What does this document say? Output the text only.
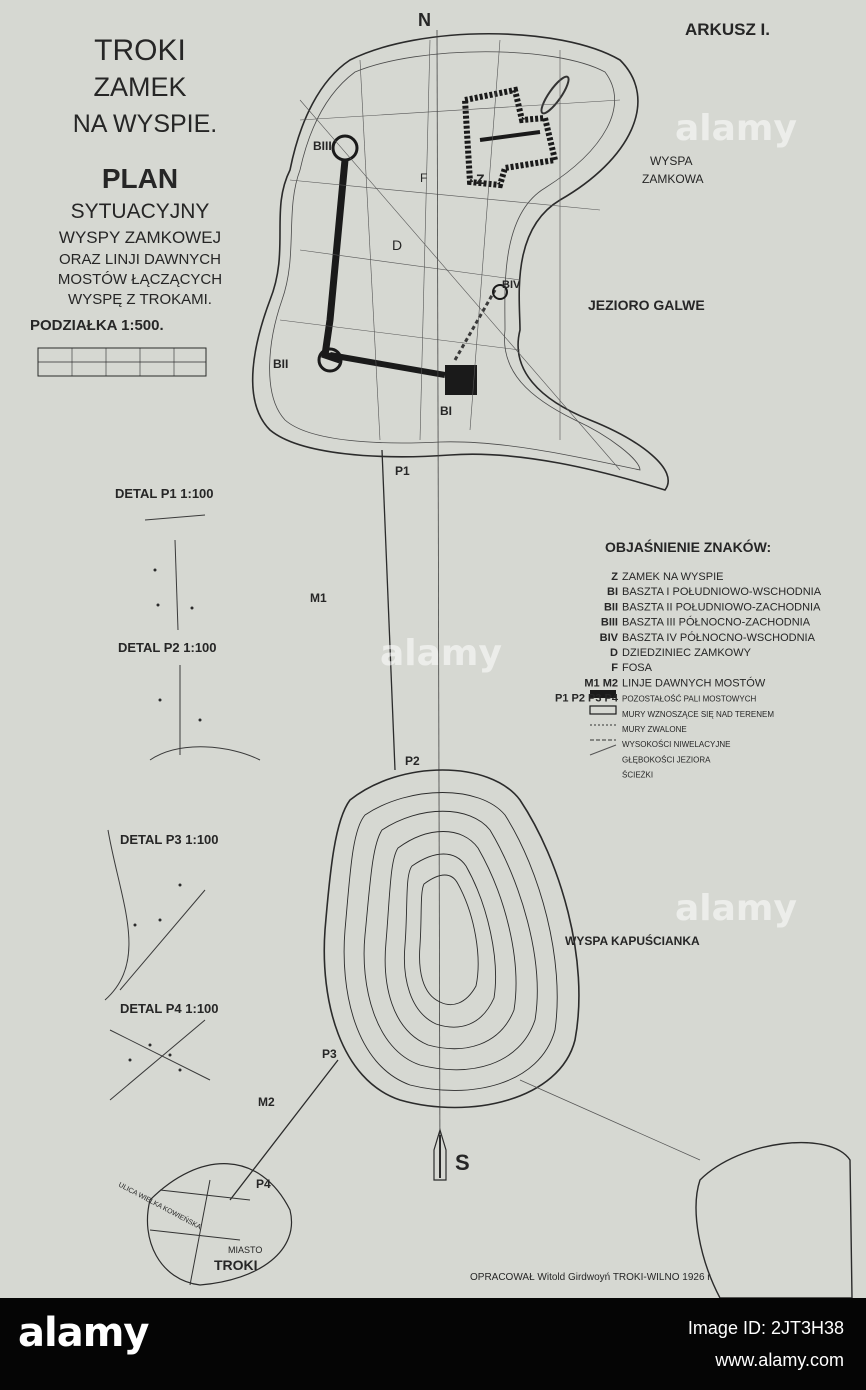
TROKI
ZAMEK
NA WYSPIE.
PLAN
SYTUACYJNY
WYSPY ZAMKOWEJ
ORAZ LINJI DAWNYCH
MOSTÓW ŁĄCZĄCYCH
WYSPĘ Z TROKAMI.
PODZIAŁKA 1:500.
ARKUSZ I.
N
S
WYSPA
ZAMKOWA
JEZIORO GALWE
WYSPA KAPUŚCIANKA
MIASTO
TROKI
ULICA WIELKA KOWIEŃSKA
Z
D
F
BI
BII
BIII
BIV
P1
P2
P3
P4
M1
M2
DETAL P1 1:100
DETAL P2 1:100
DETAL P3 1:100
DETAL P4 1:100
OPRACOWAŁ Witold Girdwoyń TROKI-WILNO 1926 r.
OBJAŚNIENIE ZNAKÓW:
Z ZAMEK NA WYSPIE
BI BASZTA I POŁUDNIOWO-WSCHODNIA
BII BASZTA II POŁUDNIOWO-ZACHODNIA
BIII BASZTA III PÓŁNOCNO-ZACHODNIA
BIV BASZTA IV PÓŁNOCNO-WSCHODNIA
D DZIEDZINIEC ZAMKOWY
F FOSA
M1 M2 LINJE DAWNYCH MOSTÓW
P1 P2 P3 P4 POZOSTAŁOŚĆ PALI MOSTOWYCH
MURY WZNOSZĄCE SIĘ NAD TERENEM
MURY ZWALONE
WYSOKOŚCI NIWELACYJNE
GŁĘBOKOŚCI JEZIORA
ŚCIEŻKI
alamy
alamy
alamy
alamy	Image ID: 2JT3H38
www.alamy.com
